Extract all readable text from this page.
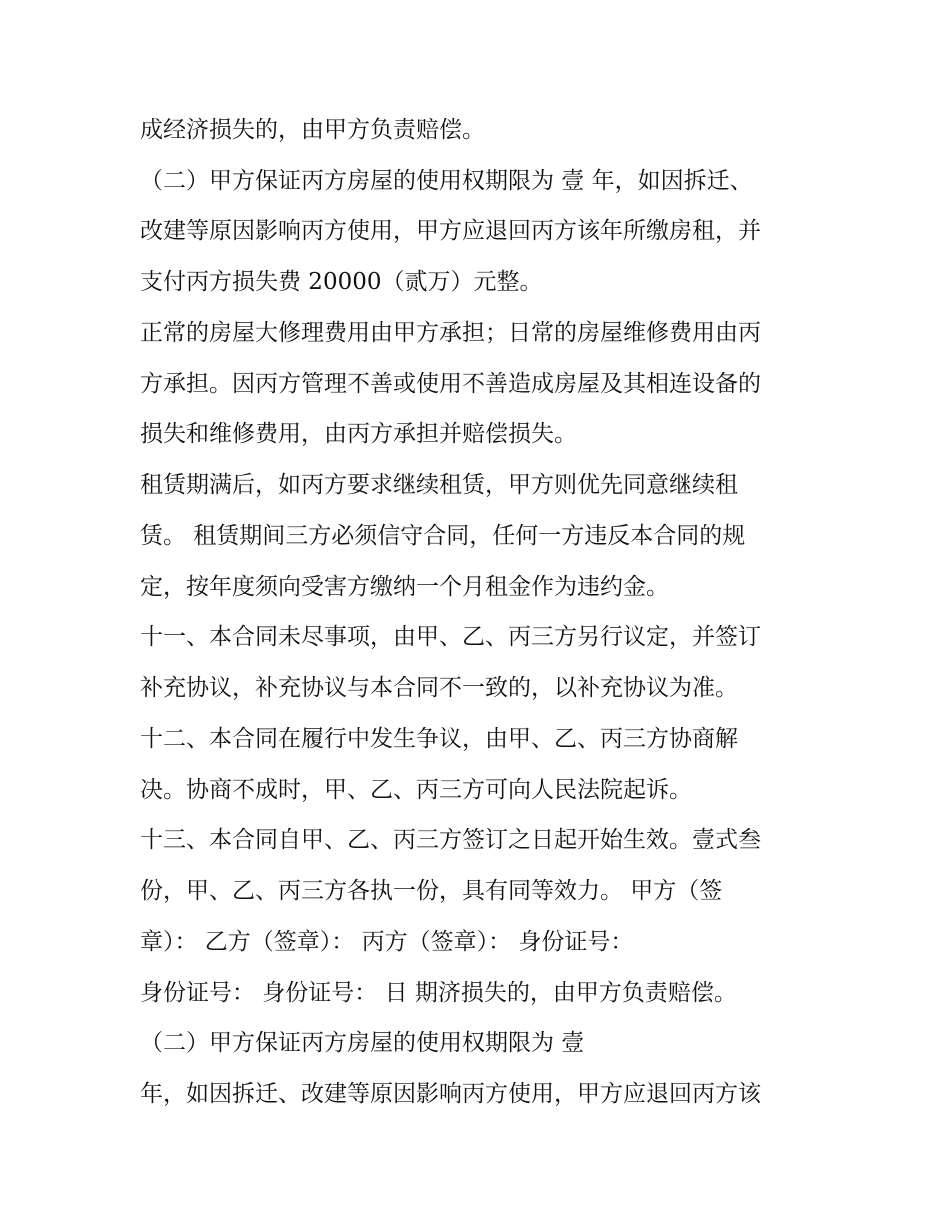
成经济损失的，由甲方负责赔偿。

（二）甲方保证丙方房屋的使用权期限为 壹 年，如因拆迁、

改建等原因影响丙方使用，甲方应退回丙方该年所缴房租，并

支付丙方损失费 20000（贰万）元整。

正常的房屋大修理费用由甲方承担；日常的房屋维修费用由丙

方承担。因丙方管理不善或使用不善造成房屋及其相连设备的

损失和维修费用，由丙方承担并赔偿损失。

租赁期满后，如丙方要求继续租赁，甲方则优先同意继续租

赁。 租赁期间三方必须信守合同，任何一方违反本合同的规

定，按年度须向受害方缴纳一个月租金作为违约金。

十一、本合同未尽事项，由甲、乙、丙三方另行议定，并签订

补充协议，补充协议与本合同不一致的，以补充协议为准。

十二、本合同在履行中发生争议，由甲、乙、丙三方协商解

决。协商不成时，甲、乙、丙三方可向人民法院起诉。

十三、本合同自甲、乙、丙三方签订之日起开始生效。壹式叁

份，甲、乙、丙三方各执一份，具有同等效力。 甲方（签

章）： 乙方（签章）： 丙方（签章）： 身份证号：

身份证号： 身份证号： 日 期济损失的，由甲方负责赔偿。

（二）甲方保证丙方房屋的使用权期限为 壹

年，如因拆迁、改建等原因影响丙方使用，甲方应退回丙方该
